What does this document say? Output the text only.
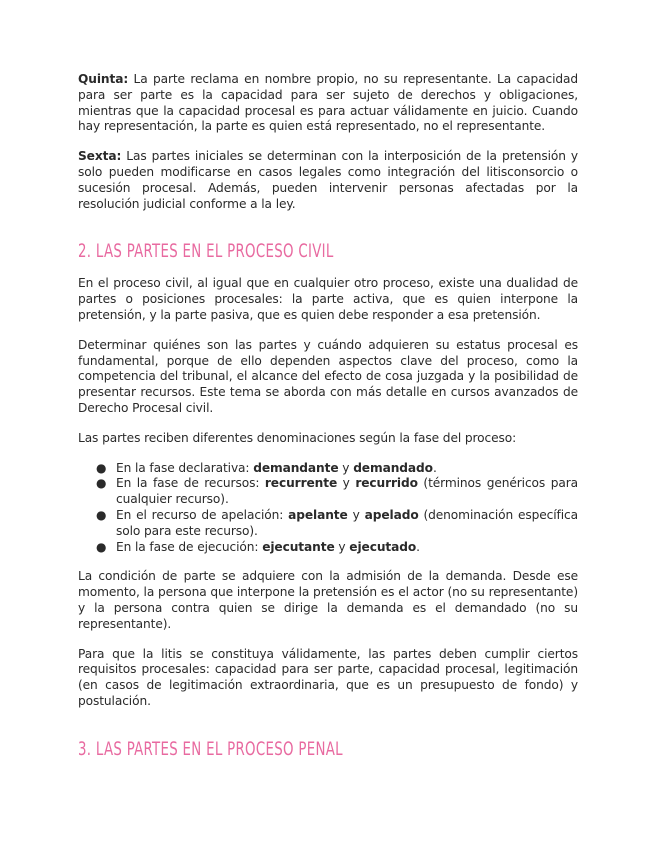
Quinta: La parte reclama en nombre propio, no su representante. La capacidad para ser parte es la capacidad para ser sujeto de derechos y obligaciones, mientras que la capacidad procesal es para actuar válidamente en juicio. Cuando hay representación, la parte es quien está representado, no el representante.

Sexta: Las partes iniciales se determinan con la interposición de la pretensión y solo pueden modificarse en casos legales como integración del litisconsorcio o sucesión procesal. Además, pueden intervenir personas afectadas por la resolución judicial conforme a la ley.

2. LAS PARTES EN EL PROCESO CIVIL

En el proceso civil, al igual que en cualquier otro proceso, existe una dualidad de partes o posiciones procesales: la parte activa, que es quien interpone la pretensión, y la parte pasiva, que es quien debe responder a esa pretensión.

Determinar quiénes son las partes y cuándo adquieren su estatus procesal es fundamental, porque de ello dependen aspectos clave del proceso, como la competencia del tribunal, el alcance del efecto de cosa juzgada y la posibilidad de presentar recursos. Este tema se aborda con más detalle en cursos avanzados de Derecho Procesal civil.

Las partes reciben diferentes denominaciones según la fase del proceso:

● En la fase declarativa: demandante y demandado.
● En la fase de recursos: recurrente y recurrido (términos genéricos para cualquier recurso).
● En el recurso de apelación: apelante y apelado (denominación específica solo para este recurso).
● En la fase de ejecución: ejecutante y ejecutado.

La condición de parte se adquiere con la admisión de la demanda. Desde ese momento, la persona que interpone la pretensión es el actor (no su representante) y la persona contra quien se dirige la demanda es el demandado (no su representante).

Para que la litis se constituya válidamente, las partes deben cumplir ciertos requisitos procesales: capacidad para ser parte, capacidad procesal, legitimación (en casos de legitimación extraordinaria, que es un presupuesto de fondo) y postulación.

3. LAS PARTES EN EL PROCESO PENAL
